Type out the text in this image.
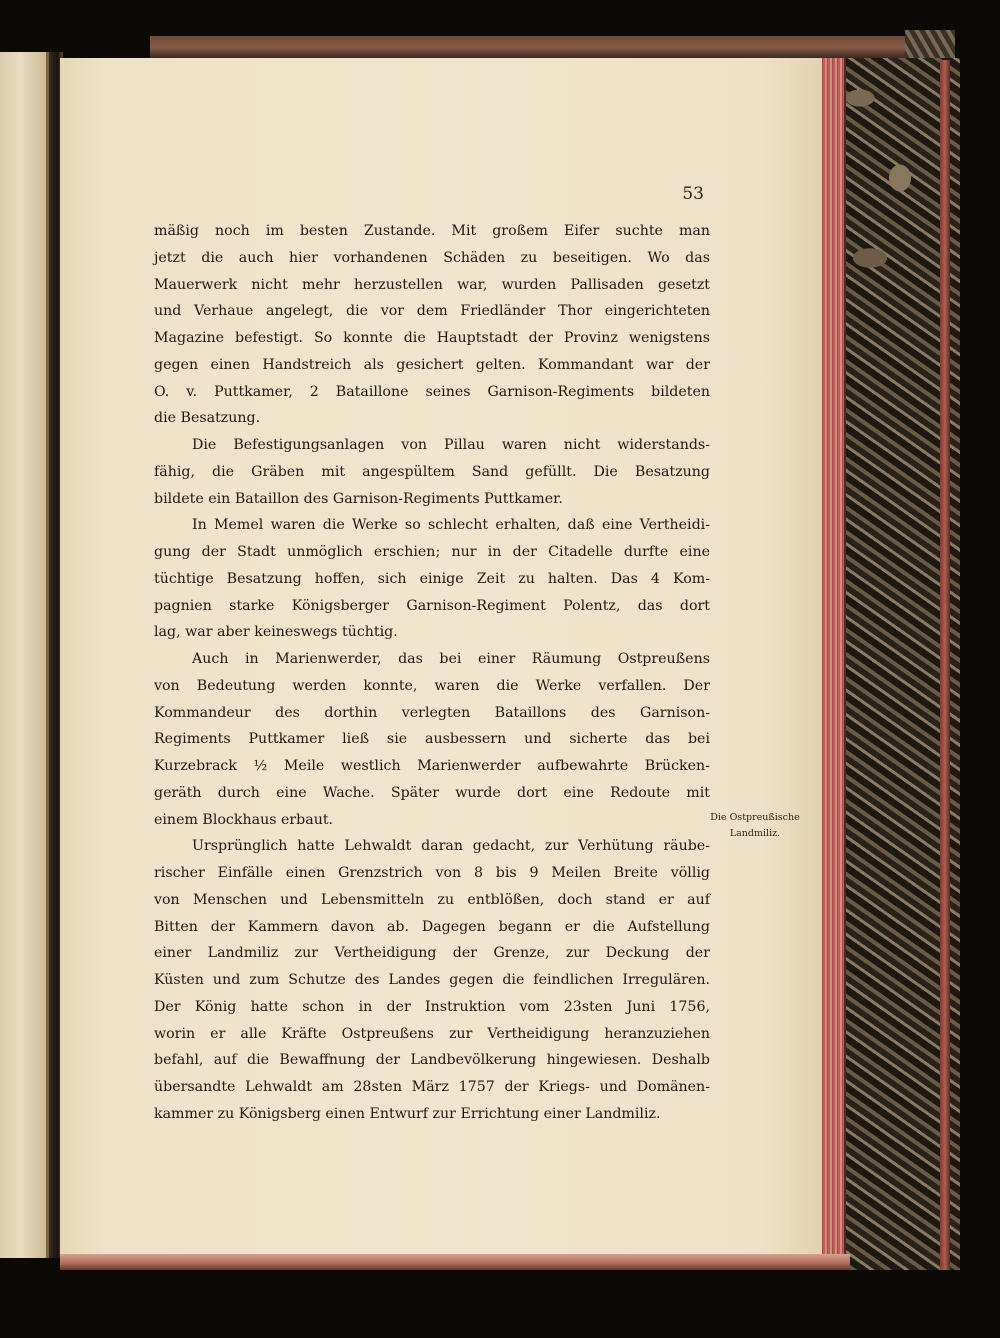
53
mäßig noch im besten Zustande. Mit großem Eifer suchte man
jetzt die auch hier vorhandenen Schäden zu beseitigen. Wo das
Mauerwerk nicht mehr herzustellen war, wurden Pallisaden gesetzt
und Verhaue angelegt, die vor dem Friedländer Thor eingerichteten
Magazine befestigt. So konnte die Hauptstadt der Provinz wenigstens
gegen einen Handstreich als gesichert gelten. Kommandant war der
O. v. Puttkamer, 2 Bataillone seines Garnison-Regiments bildeten
die Besatzung.
Die Befestigungsanlagen von Pillau waren nicht widerstands-
fähig, die Gräben mit angespültem Sand gefüllt. Die Besatzung
bildete ein Bataillon des Garnison-Regiments Puttkamer.
In Memel waren die Werke so schlecht erhalten, daß eine Vertheidi-
gung der Stadt unmöglich erschien; nur in der Citadelle durfte eine
tüchtige Besatzung hoffen, sich einige Zeit zu halten. Das 4 Kom-
pagnien starke Königsberger Garnison-Regiment Polentz, das dort
lag, war aber keineswegs tüchtig.
Auch in Marienwerder, das bei einer Räumung Ostpreußens
von Bedeutung werden konnte, waren die Werke verfallen. Der
Kommandeur des dorthin verlegten Bataillons des Garnison-
Regiments Puttkamer ließ sie ausbessern und sicherte das bei
Kurzebrack ½ Meile westlich Marienwerder aufbewahrte Brücken-
geräth durch eine Wache. Später wurde dort eine Redoute mit
einem Blockhaus erbaut.
Ursprünglich hatte Lehwaldt daran gedacht, zur Verhütung räube-
rischer Einfälle einen Grenzstrich von 8 bis 9 Meilen Breite völlig
von Menschen und Lebensmitteln zu entblößen, doch stand er auf
Bitten der Kammern davon ab. Dagegen begann er die Aufstellung
einer Landmiliz zur Vertheidigung der Grenze, zur Deckung der
Küsten und zum Schutze des Landes gegen die feindlichen Irregulären.
Der König hatte schon in der Instruktion vom 23sten Juni 1756,
worin er alle Kräfte Ostpreußens zur Vertheidigung heranzuziehen
befahl, auf die Bewaffnung der Landbevölkerung hingewiesen. Deshalb
übersandte Lehwaldt am 28sten März 1757 der Kriegs- und Domänen-
kammer zu Königsberg einen Entwurf zur Errichtung einer Landmiliz.
Die Ostpreußische
Landmiliz.
